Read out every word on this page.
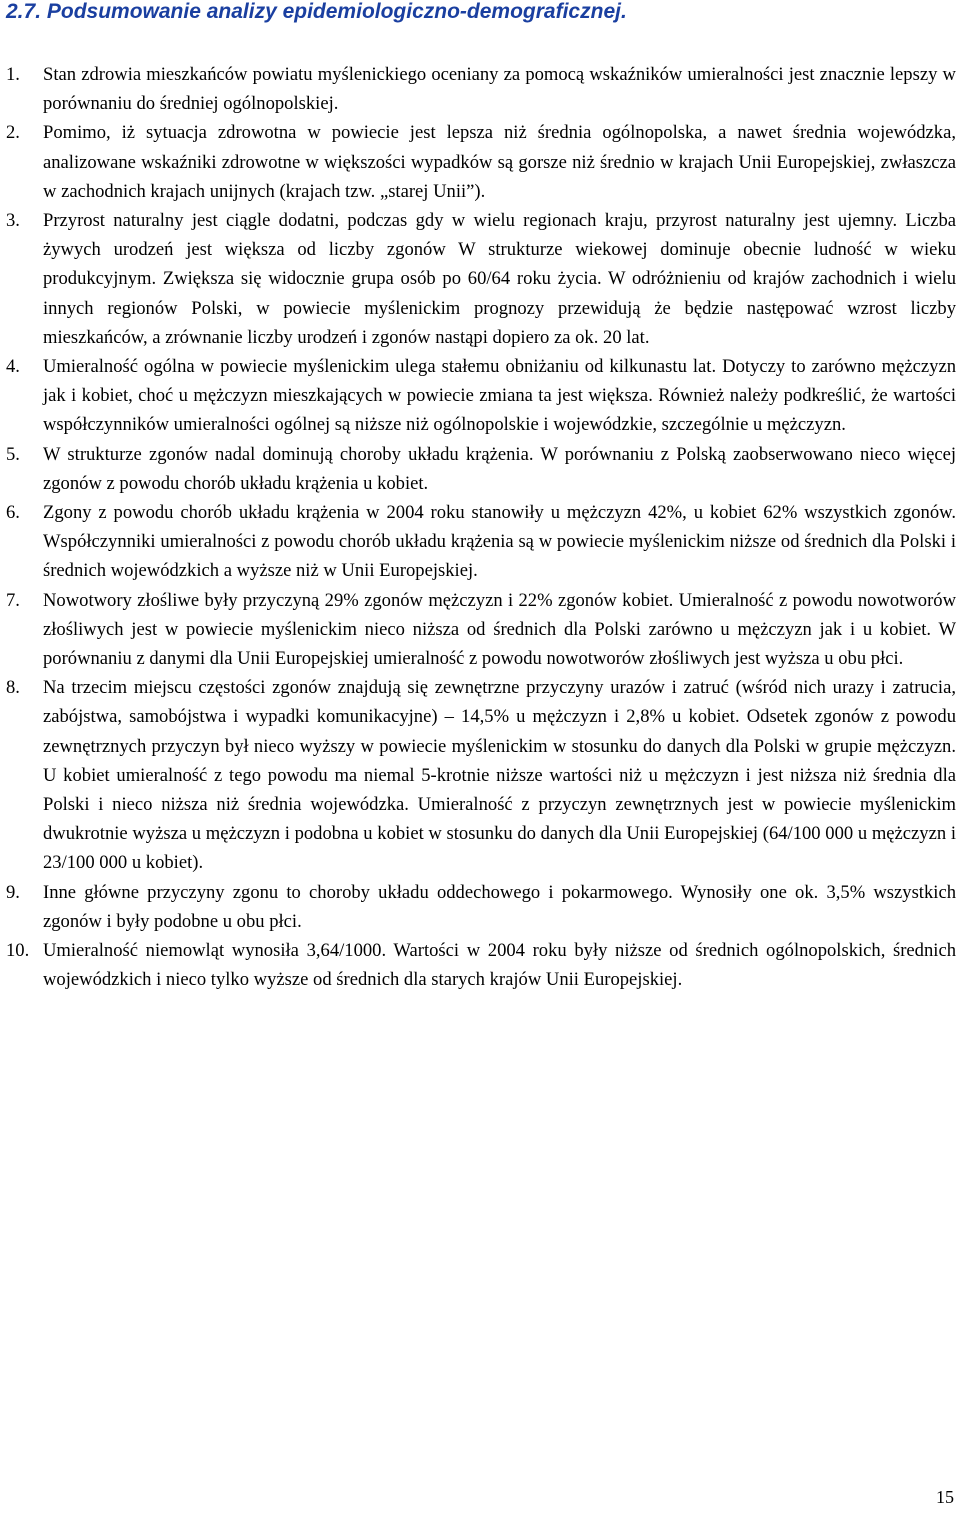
2.7. Podsumowanie analizy epidemiologiczno-demograficznej.
1. Stan zdrowia mieszkańców powiatu myślenickiego oceniany za pomocą wskaźników umieralności jest znacznie lepszy w porównaniu do średniej ogólnopolskiej.
2. Pomimo, iż sytuacja zdrowotna w powiecie jest lepsza niż średnia ogólnopolska, a nawet średnia wojewódzka, analizowane wskaźniki zdrowotne w większości wypadków są gorsze niż średnio w krajach Unii Europejskiej, zwłaszcza w zachodnich krajach unijnych (krajach tzw. „starej Unii”).
3. Przyrost naturalny jest ciągle dodatni, podczas gdy w wielu regionach kraju, przyrost naturalny jest ujemny. Liczba żywych urodzeń jest większa od liczby zgonów W strukturze wiekowej dominuje obecnie ludność w wieku produkcyjnym. Zwiększa się widocznie grupa osób po 60/64 roku życia. W odróżnieniu od krajów zachodnich i wielu innych regionów Polski, w powiecie myślenickim prognozy przewidują że będzie następować wzrost liczby mieszkańców, a zrównanie liczby urodzeń i zgonów nastąpi dopiero za ok. 20 lat.
4. Umieralność ogólna w powiecie myślenickim ulega stałemu obniżaniu od kilkunastu lat. Dotyczy to zarówno mężczyzn jak i kobiet, choć u mężczyzn mieszkających w powiecie zmiana ta jest większa. Również należy podkreślić, że wartości współczynników umieralności ogólnej są niższe niż ogólnopolskie i wojewódzkie, szczególnie u mężczyzn.
5. W strukturze zgonów nadal dominują choroby układu krążenia. W porównaniu z Polską zaobserwowano nieco więcej zgonów z powodu chorób układu krążenia u kobiet.
6. Zgony z powodu chorób układu krążenia w 2004 roku stanowiły u mężczyzn 42%, u kobiet 62% wszystkich zgonów. Współczynniki umieralności z powodu chorób układu krążenia są w powiecie myślenickim niższe od średnich dla Polski i średnich wojewódzkich a wyższe niż w Unii Europejskiej.
7. Nowotwory złośliwe były przyczyną 29% zgonów mężczyzn i 22% zgonów kobiet. Umieralność z powodu nowotworów złośliwych jest w powiecie myślenickim nieco niższa od średnich dla Polski zarówno u mężczyzn jak i u kobiet. W porównaniu z danymi dla Unii Europejskiej umieralność z powodu nowotworów złośliwych jest wyższa u obu płci.
8. Na trzecim miejscu częstości zgonów znajdują się zewnętrzne przyczyny urazów i zatruć (wśród nich urazy i zatrucia, zabójstwa, samobójstwa i wypadki komunikacyjne) – 14,5% u mężczyzn i 2,8% u kobiet. Odsetek zgonów z powodu zewnętrznych przyczyn był nieco wyższy w powiecie myślenickim w stosunku do danych dla Polski w grupie mężczyzn. U kobiet umieralność z tego powodu ma niemal 5-krotnie niższe wartości niż u mężczyzn i jest niższa niż średnia dla Polski i nieco niższa niż średnia wojewódzka. Umieralność z przyczyn zewnętrznych jest w powiecie myślenickim dwukrotnie wyższa u mężczyzn i podobna u kobiet w stosunku do danych dla Unii Europejskiej (64/100 000 u mężczyzn i 23/100 000 u kobiet).
9. Inne główne przyczyny zgonu to choroby układu oddechowego i pokarmowego. Wynosiły one ok. 3,5% wszystkich zgonów i były podobne u obu płci.
10. Umieralność niemowląt wynosiła 3,64/1000. Wartości w 2004 roku były niższe od średnich ogólnopolskich, średnich wojewódzkich i nieco tylko wyższe od średnich dla starych krajów Unii Europejskiej.
15
